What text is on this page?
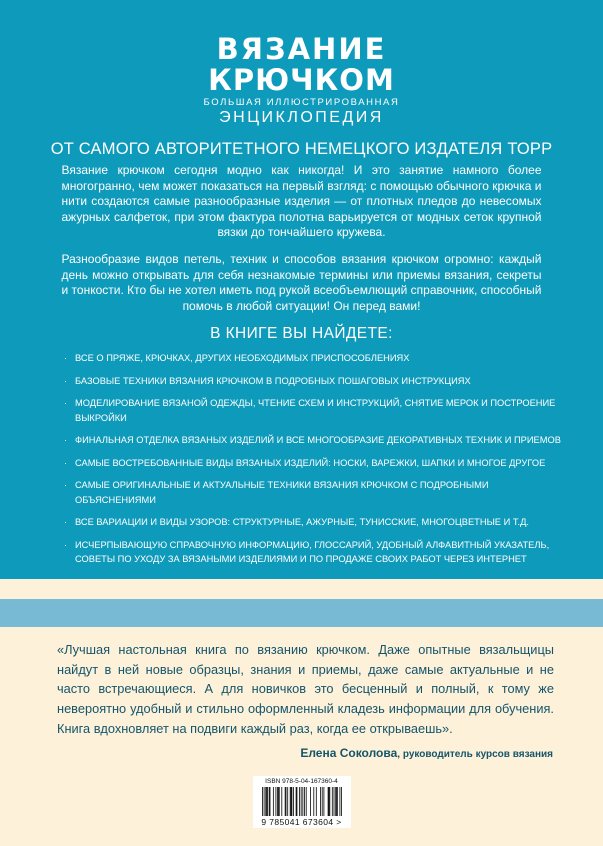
ВЯЗАНИЕ
КРЮЧКОМ
БОЛЬШАЯ ИЛЛЮСТРИРОВАННАЯ
ЭНЦИКЛОПЕДИЯ
ОТ САМОГО АВТОРИТЕТНОГО НЕМЕЦКОГО ИЗДАТЕЛЯ ТОРР
Вязание крючком сегодня модно как никогда! И это занятие намного более многогранно, чем может показаться на первый взгляд: с помощью обычного крючка и нити создаются самые разнообразные изделия — от плотных пледов до невесомых ажурных салфеток, при этом фактура полотна варьируется от модных сеток крупной вязки до тончайшего кружева.
Разнообразие видов петель, техник и способов вязания крючком огромно: каждый день можно открывать для себя незнакомые термины или приемы вязания, секреты и тонкости. Кто бы не хотел иметь под рукой всеобъемлющий справочник, способный помочь в любой ситуации! Он перед вами!
В КНИГЕ ВЫ НАЙДЕТЕ:
· ВСЕ О ПРЯЖЕ, КРЮЧКАХ, ДРУГИХ НЕОБХОДИМЫХ ПРИСПОСОБЛЕНИЯХ
· БАЗОВЫЕ ТЕХНИКИ ВЯЗАНИЯ КРЮЧКОМ В ПОДРОБНЫХ ПОШАГОВЫХ ИНСТРУКЦИЯХ
· МОДЕЛИРОВАНИЕ ВЯЗАНОЙ ОДЕЖДЫ, ЧТЕНИЕ СХЕМ И ИНСТРУКЦИЙ, СНЯТИЕ МЕРОК И ПОСТРОЕНИЕ ВЫКРОЙКИ
· ФИНАЛЬНАЯ ОТДЕЛКА ВЯЗАНЫХ ИЗДЕЛИЙ И ВСЕ МНОГООБРАЗИЕ ДЕКОРАТИВНЫХ ТЕХНИК И ПРИЕМОВ
· САМЫЕ ВОСТРЕБОВАННЫЕ ВИДЫ ВЯЗАНЫХ ИЗДЕЛИЙ: НОСКИ, ВАРЕЖКИ, ШАПКИ И МНОГОЕ ДРУГОЕ
· САМЫЕ ОРИГИНАЛЬНЫЕ И АКТУАЛЬНЫЕ ТЕХНИКИ ВЯЗАНИЯ КРЮЧКОМ С ПОДРОБНЫМИ ОБЪЯСНЕНИЯМИ
· ВСЕ ВАРИАЦИИ И ВИДЫ УЗОРОВ: СТРУКТУРНЫЕ, АЖУРНЫЕ, ТУНИССКИЕ, МНОГОЦВЕТНЫЕ И Т.Д.
· ИСЧЕРПЫВАЮЩУЮ СПРАВОЧНУЮ ИНФОРМАЦИЮ, ГЛОССАРИЙ, УДОБНЫЙ АЛФАВИТНЫЙ УКАЗАТЕЛЬ, СОВЕТЫ ПО УХОДУ ЗА ВЯЗАНЫМИ ИЗДЕЛИЯМИ И ПО ПРОДАЖЕ СВОИХ РАБОТ ЧЕРЕЗ ИНТЕРНЕТ
«Лучшая настольная книга по вязанию крючком. Даже опытные вязальщицы найдут в ней новые образцы, знания и приемы, даже самые актуальные и не часто встречающиеся. А для новичков это бесценный и полный, к тому же невероятно удобный и стильно оформленный кладезь информации для обучения. Книга вдохновляет на подвиги каждый раз, когда ее открываешь».
Елена Соколова, руководитель курсов вязания
ISBN 978-5-04-167360-4
9 785041 673604 >
